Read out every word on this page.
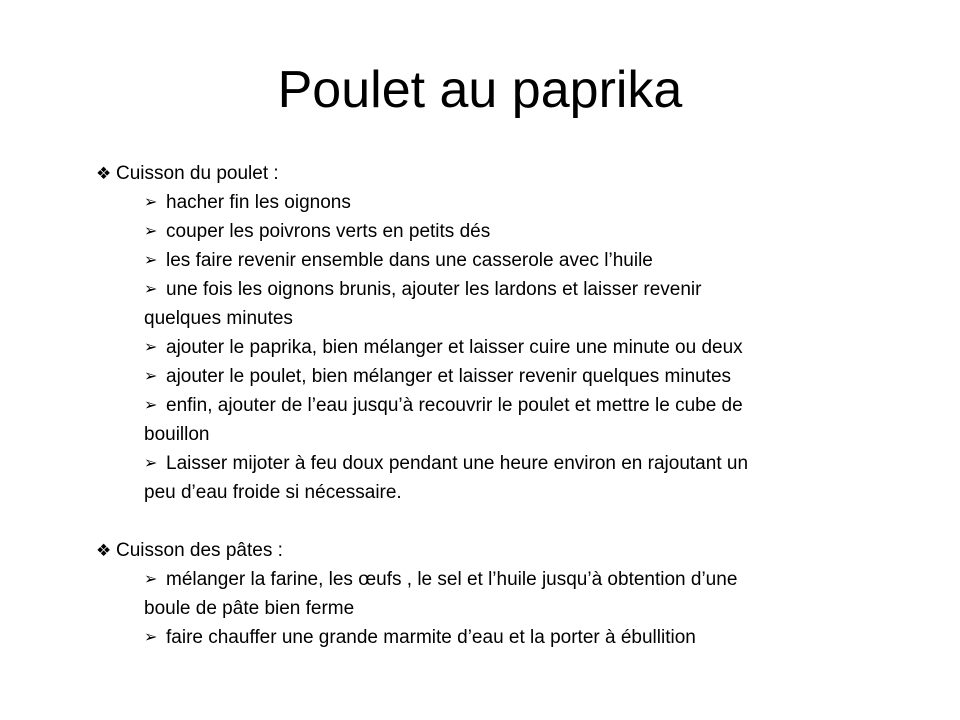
Poulet au paprika

❖ Cuisson du poulet :

➢ hacher fin les oignons
➢ couper les poivrons verts en petits dés
➢ les faire revenir ensemble dans une casserole avec l’huile
➢ une fois les oignons brunis, ajouter les lardons et laisser revenir
quelques minutes
➢ ajouter le paprika, bien mélanger et laisser cuire une minute ou deux
➢ ajouter le poulet, bien mélanger et laisser revenir quelques minutes
➢ enfin, ajouter de l’eau jusqu’à recouvrir le poulet et mettre le cube de
bouillon
➢ Laisser mijoter à feu doux pendant une heure environ en rajoutant un
peu d’eau froide si nécessaire.

❖ Cuisson des pâtes :

➢ mélanger la farine, les œufs , le sel et l’huile jusqu’à obtention d’une
boule de pâte bien ferme
➢ faire chauffer une grande marmite d’eau et la porter à ébullition
